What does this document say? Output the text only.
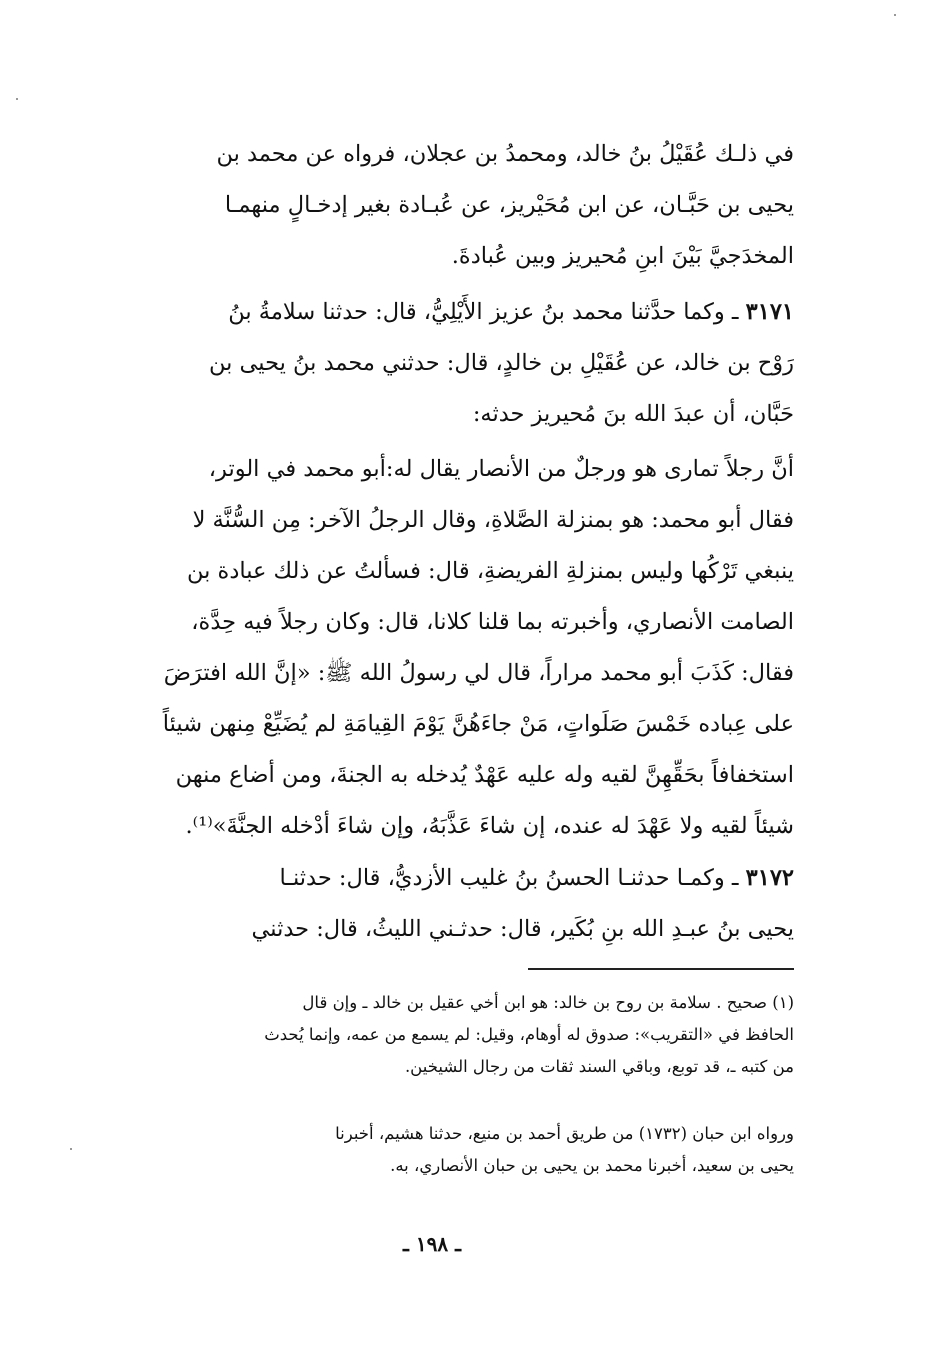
في ذلـك عُقَيْلُ بنُ خالد، ومحمدُ بن عجلان، فرواه عن محمد بن
يحيى بن حَبَّـان، عن ابن مُحَيْريز، عن عُبـادة بغير إدخـالٍ منهمـا
المخدَجيَّ بَيْنَ ابنِ مُحيريز وبين عُبادةَ.
٣١٧١ ـ وكما حدَّثنا محمد بنُ عزيز الأَيْلِيُّ، قال: حدثنا سلامةُ بنُ
رَوْح بن خالد، عن عُقَيْلِ بن خالدٍ، قال: حدثني محمد بنُ يحيى بن
حَبَّان، أن عبدَ الله بنَ مُحيريز حدثه:
أنَّ رجلاً تمارى هو ورجلٌ من الأنصار يقال له:أبو محمد في الوتر،
فقال أبو محمد: هو بمنزلة الصَّلاةِ، وقال الرجلُ الآخر: مِن السُّنَّة لا
ينبغي تَرْكُها وليس بمنزلةِ الفريضةِ، قال: فسألتُ عن ذلك عبادة بن
الصامت الأنصاري، وأخبرته بما قلنا كلانا، قال: وكان رجلاً فيه حِدَّة،
فقال: كَذَبَ أبو محمد مراراً، قال لي رسولُ الله ﷺ: «إنَّ الله افترَضَ
على عِباده خَمْسَ صَلَواتٍ، مَنْ جاءَهُنَّ يَوْمَ القِيامَةِ لم يُضَيِّعْ مِنهن شيئاً
استخفافاً بحَقِّهِنَّ لقيه وله عليه عَهْدٌ يُدخله به الجنةَ، ومن أضاع منهن
شيئاً لقيه ولا عَهْدَ له عنده، إن شاءَ عَذَّبَهُ، وإن شاءَ أدْخله الجنَّةَ»⁽¹⁾.
٣١٧٢ ـ وكمـا حدثنـا الحسنُ بنُ غليب الأزديُّ، قال: حدثنـا
يحيى بنُ عبـدِ الله بنِ بُكَير، قال: حدثـني الليثُ، قال: حدثني
(١) صحيح . سلامة بن روح بن خالد: هو ابن أخي عقيل بن خالد ـ وإن قال
الحافظ في «التقريب»: صدوق له أوهام، وقيل: لم يسمع من عمه، وإنما يُحدث
من كتبه ـ، قد توبع، وباقي السند ثقات من رجال الشيخين.
ورواه ابن حبان (١٧٣٢) من طريق أحمد بن منيع، حدثنا هشيم، أخبرنا
يحيى بن سعيد، أخبرنا محمد بن يحيى بن حبان الأنصاري، به.
ـ ١٩٨ ـ
